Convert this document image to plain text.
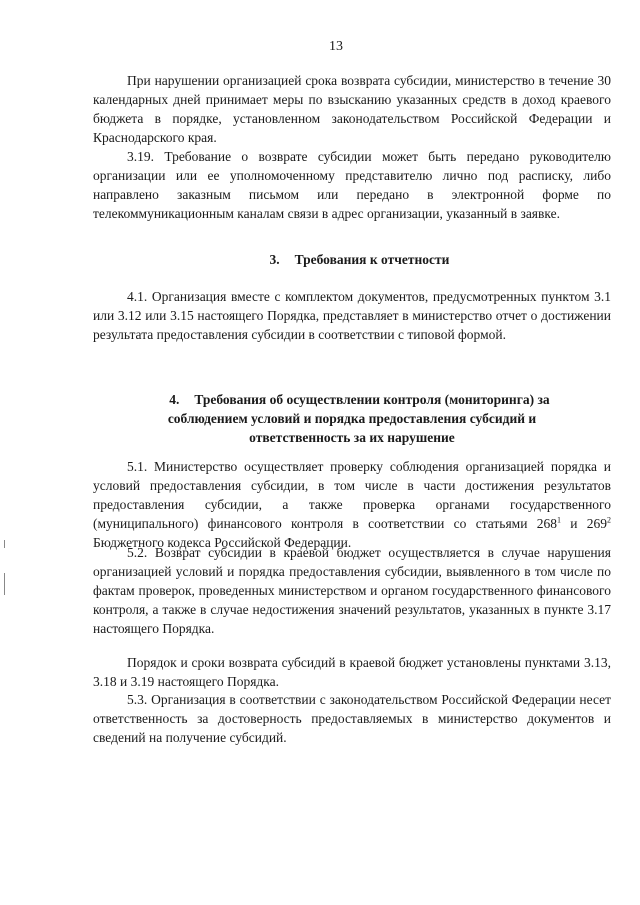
13

При нарушении организацией срока возврата субсидии, министерство в течение 30 календарных дней принимает меры по взысканию указанных средств в доход краевого бюджета в порядке, установленном законодательством Российской Федерации и Краснодарского края.

3.19. Требование о возврате субсидии может быть передано руководителю организации или ее уполномоченному представителю лично под расписку, либо направлено заказным письмом или передано в электронной форме по телекоммуникационным каналам связи в адрес организации, указанный в заявке.

3. Требования к отчетности

4.1. Организация вместе с комплектом документов, предусмотренных пунктом 3.1 или 3.12 или 3.15 настоящего Порядка, представляет в министерство отчет о достижении результата предоставления субсидии в соответствии с типовой формой.

4. Требования об осуществлении контроля (мониторинга) за

соблюдением условий и порядка предоставления субсидий и

ответственность за их нарушение

5.1. Министерство осуществляет проверку соблюдения организацией порядка и условий предоставления субсидии, в том числе в части достижения результатов предоставления субсидии, а также проверка органами государственного (муниципального) финансового контроля в соответствии со статьями $268^1$ и $269^2$ Бюджетного кодекса Российской Федерации.

5.2. Возврат субсидии в краевой бюджет осуществляется в случае нарушения организацией условий и порядка предоставления субсидии, выявленного в том числе по фактам проверок, проведенных министерством и органом государственного финансового контроля, а также в случае недостижения значений результатов, указанных в пункте 3.17 настоящего Порядка.

Порядок и сроки возврата субсидий в краевой бюджет установлены пунктами 3.13, 3.18 и 3.19 настоящего Порядка.

5.3. Организация в соответствии с законодательством Российской Федерации несет ответственность за достоверность предоставляемых в министерство документов и сведений на получение субсидий.
